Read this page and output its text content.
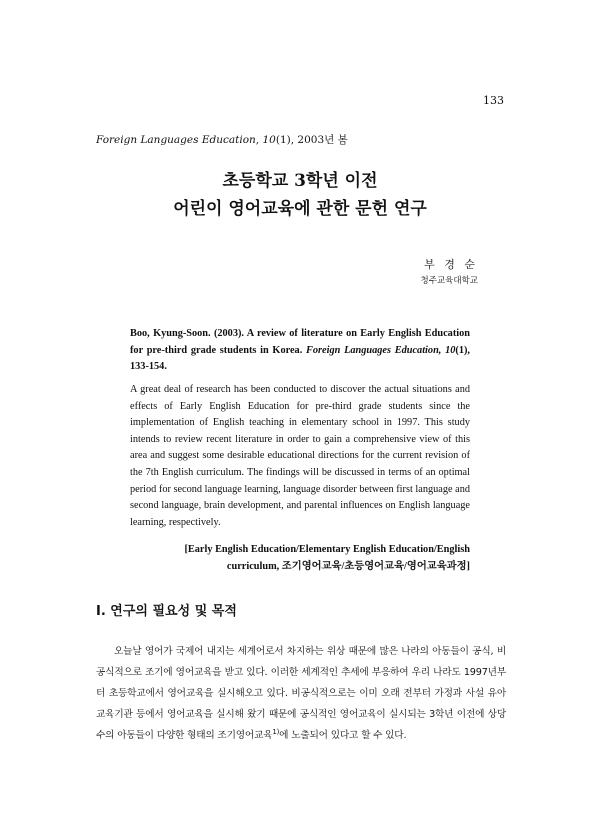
133
Foreign Languages Education, 10(1), 2003년 봄
초등학교 3학년 이전
어린이 영어교육에 관한 문헌 연구
부 경 순
청주교육대학교
Boo, Kyung-Soon. (2003). A review of literature on Early English Education for pre-third grade students in Korea. Foreign Languages Education, 10(1), 133-154.
A great deal of research has been conducted to discover the actual situations and effects of Early English Education for pre-third grade students since the implementation of English teaching in elementary school in 1997. This study intends to review recent literature in order to gain a comprehensive view of this area and suggest some desirable educational directions for the current revision of the 7th English curriculum. The findings will be discussed in terms of an optimal period for second language learning, language disorder between first language and second language, brain development, and parental influences on English language learning, respectively.
[Early English Education/Elementary English Education/English curriculum, 조기영어교육/초등영어교육/영어교육과정]
I. 연구의 필요성 및 목적
오늘날 영어가 국제어 내지는 세계어로서 차지하는 위상 때문에 많은 나라의 아동들이 공식, 비공식적으로 조기에 영어교육을 받고 있다. 이러한 세계적인 추세에 부응하여 우리 나라도 1997년부터 초등학교에서 영어교육을 실시해오고 있다. 비공식적으로는 이미 오래 전부터 가정과 사설 유아교육기관 등에서 영어교육을 실시해 왔기 때문에 공식적인 영어교육이 실시되는 3학년 이전에 상당수의 아동들이 다양한 형태의 조기영어교육$^{1)}$에 노출되어 있다고 할 수 있다.
